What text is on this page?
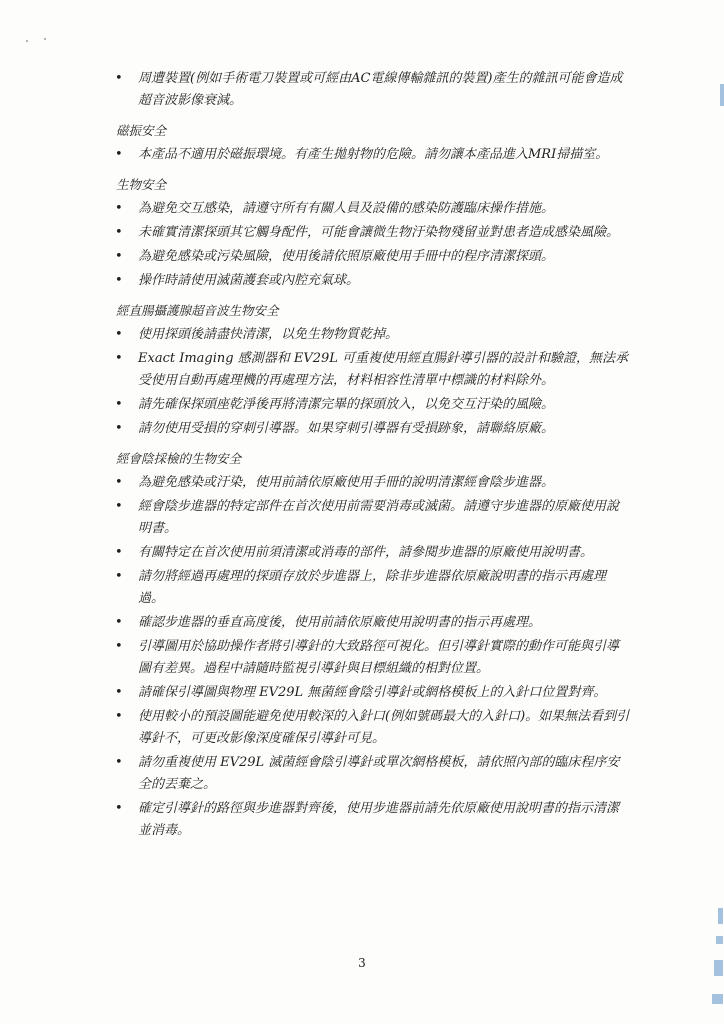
• 周遭裝置(例如手術電刀裝置或可經由AC電線傳輸雜訊的裝置)產生的雜訊可能會造成超音波影像衰減。
磁振安全
• 本產品不適用於磁振環境。有產生拋射物的危險。請勿讓本產品進入MRI掃描室。
生物安全
• 為避免交互感染，請遵守所有有關人員及設備的感染防護臨床操作措施。
• 未確實清潔探頭其它觸身配件，可能會讓微生物汙染物殘留並對患者造成感染風險。
• 為避免感染或污染風險，使用後請依照原廠使用手冊中的程序清潔探頭。
• 操作時請使用滅菌護套或內腔充氣球。
經直腸攝護腺超音波生物安全
• 使用探頭後請盡快清潔，以免生物物質乾掉。
• Exact Imaging 感測器和 EV29L 可重複使用經直腸針導引器的設計和驗證，無法承受使用自動再處理機的再處理方法，材料相容性清單中標識的材料除外。
• 請先確保探頭座乾淨後再將清潔完畢的探頭放入，以免交互汙染的風險。
• 請勿使用受損的穿刺引導器。如果穿刺引導器有受損跡象，請聯絡原廠。
經會陰採檢的生物安全
• 為避免感染或汙染，使用前請依原廠使用手冊的說明清潔經會陰步進器。
• 經會陰步進器的特定部件在首次使用前需要消毒或滅菌。請遵守步進器的原廠使用說明書。
• 有關特定在首次使用前須清潔或消毒的部件，請參閱步進器的原廠使用說明書。
• 請勿將經過再處理的探頭存放於步進器上，除非步進器依原廠說明書的指示再處理過。
• 確認步進器的垂直高度後，使用前請依原廠使用說明書的指示再處理。
• 引導圖用於協助操作者將引導針的大致路徑可視化。但引導針實際的動作可能與引導圖有差異。過程中請隨時監視引導針與目標組織的相對位置。
• 請確保引導圖與物理 EV29L 無菌經會陰引導針或網格模板上的入針口位置對齊。
• 使用較小的預設圖能避免使用較深的入針口(例如號碼最大的入針口)。如果無法看到引導針不，可更改影像深度確保引導針可見。
• 請勿重複使用 EV29L 滅菌經會陰引導針或單次網格模板，請依照內部的臨床程序安全的丟棄之。
• 確定引導針的路徑與步進器對齊後，使用步進器前請先依原廠使用說明書的指示清潔並消毒。
3
